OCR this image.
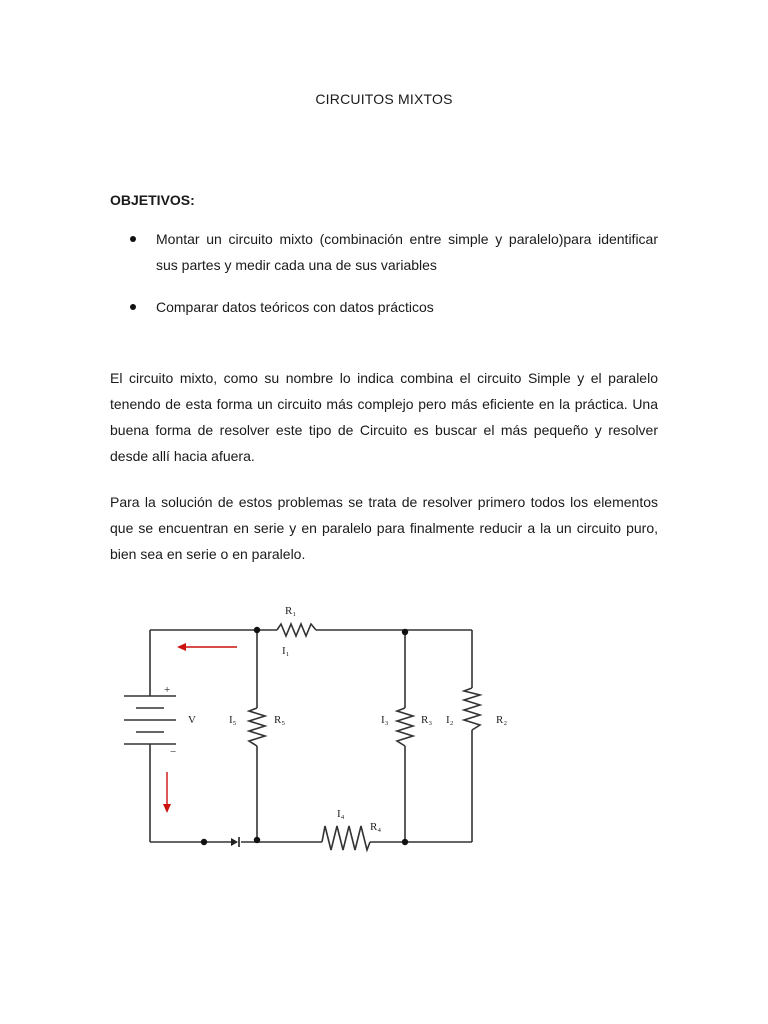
CIRCUITOS MIXTOS
OBJETIVOS:
Montar un circuito mixto (combinación entre simple y paralelo)para identificar sus partes y medir cada una de sus variables
Comparar datos teóricos con datos prácticos
El circuito mixto, como su nombre lo indica combina el circuito Simple y el paralelo tenendo de esta forma un circuito más complejo pero más eficiente en la práctica. Una buena forma de resolver este tipo de Circuito es buscar el más pequeño y resolver desde allí hacia afuera.
Para la solución de estos problemas se trata de resolver primero todos los elementos que se encuentran en serie y en paralelo para finalmente reducir a la un circuito puro, bien sea en serie o en paralelo.
R₁
I₁
+
V
−
I₅	R₅	I₃	R₃ I₂	R₂
I₄
R₄
